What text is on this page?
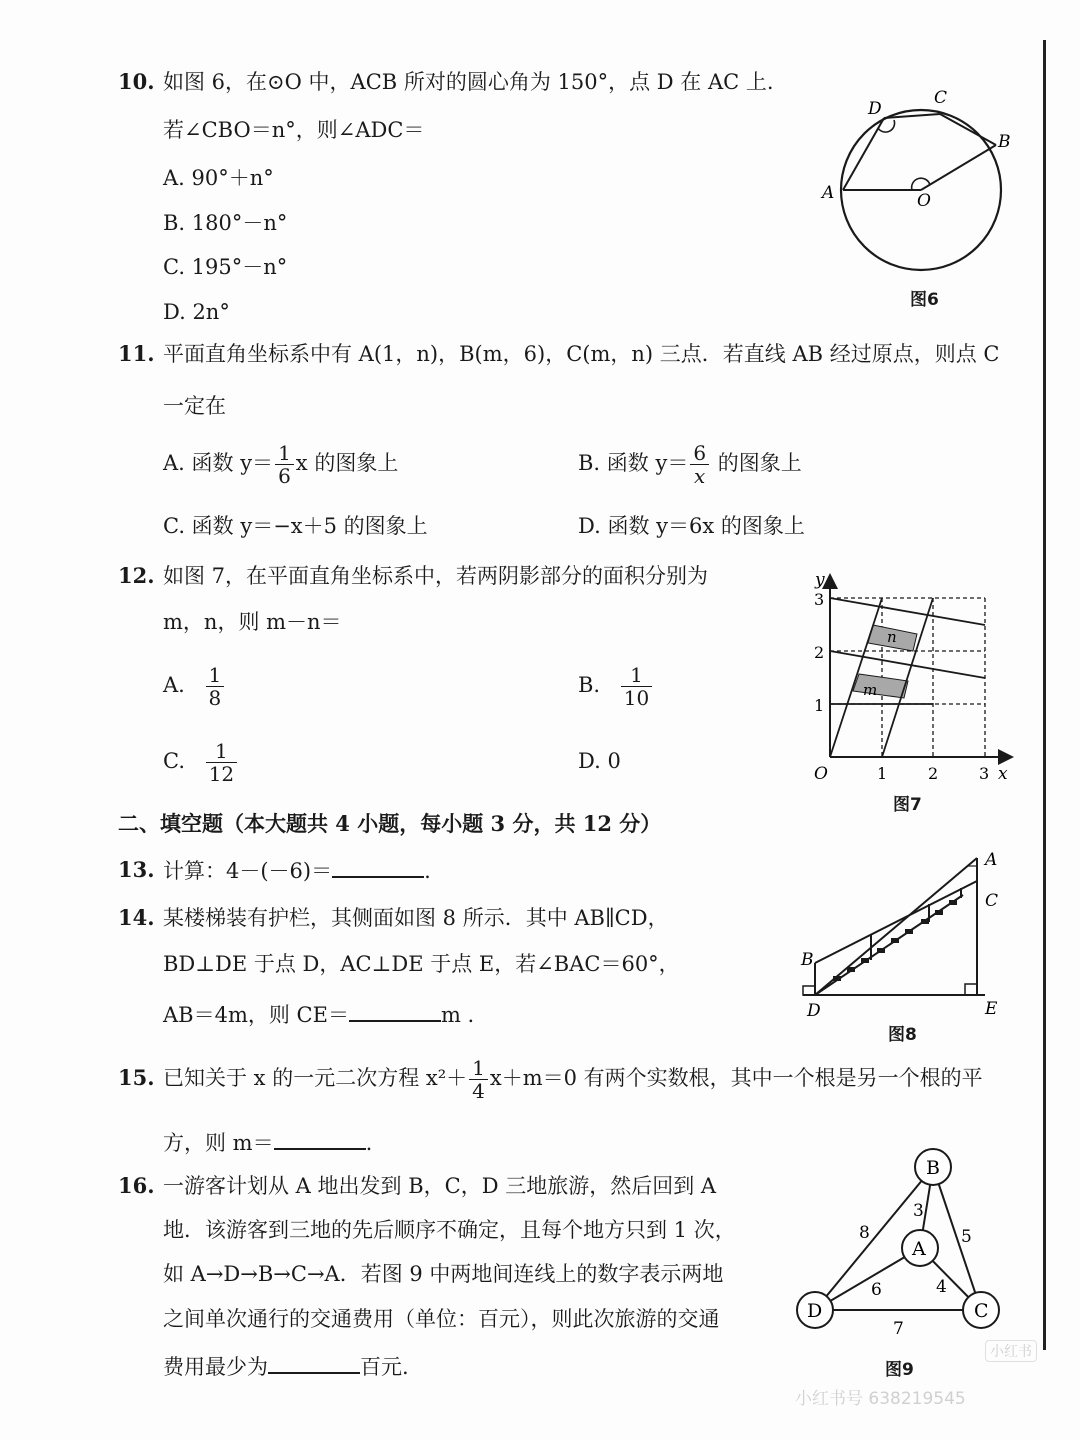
10. 如图 6，在⊙O 中，ACB 所对的圆心角为 150°，点 D 在 AC 上.
若∠CBO＝n°，则∠ADC＝
A. 90°＋n°
B. 180°－n°
C. 195°－n°
D. 2n°
D
C
B
A	O
图6
11. 平面直角坐标系中有 A(1，n)，B(m，6)，C(m，n) 三点．若直线 AB 经过原点，则点 C
一定在
A. 函数 $y= \frac{1}{6}$ x 的图象上	B. 函数 $y= \frac{6}{x}$ 的图象上
C. 函数 y＝−x＋5 的图象上	D. 函数 y＝6x 的图象上
12. 如图 7，在平面直角坐标系中，若两阴影部分的面积分别为
m，n，则 m－n＝
A. $\frac{1}{8}$	B. $\frac{1}{10}$
C. $\frac{1}{12}$	D. 0
n
m
3
2
1
1	2	3
O	x
y
图7
二、填空题（本大题共 4 小题，每小题 3 分，共 12 分）
13. 计算：4－(－6)＝	.
14. 某楼梯装有护栏，其侧面如图 8 所示．其中 AB∥CD，
BD⊥DE 于点 D，AC⊥DE 于点 E，若∠BAC＝60°，
AB＝4m，则 CE＝	m .
A
C
B
D	E
图8
15. 已知关于 x 的一元二次方程 $x^2+ \frac{1}{4} x+m=0$ 有两个实数根，其中一个根是另一个根的平
方，则 m＝	.
16. 一游客计划从 A 地出发到 B，C，D 三地旅游，然后回到 A
地．该游客到三地的先后顺序不确定，且每个地方只到 1 次，
如 A→D→B→C→A．若图 9 中两地间连线上的数字表示两地
之间单次通行的交通费用（单位：百元），则此次旅游的交通
费用最少为	百元.
B
A
D	C
8
3
5
6	4
7
图9
小红书
小红书号 638219545
